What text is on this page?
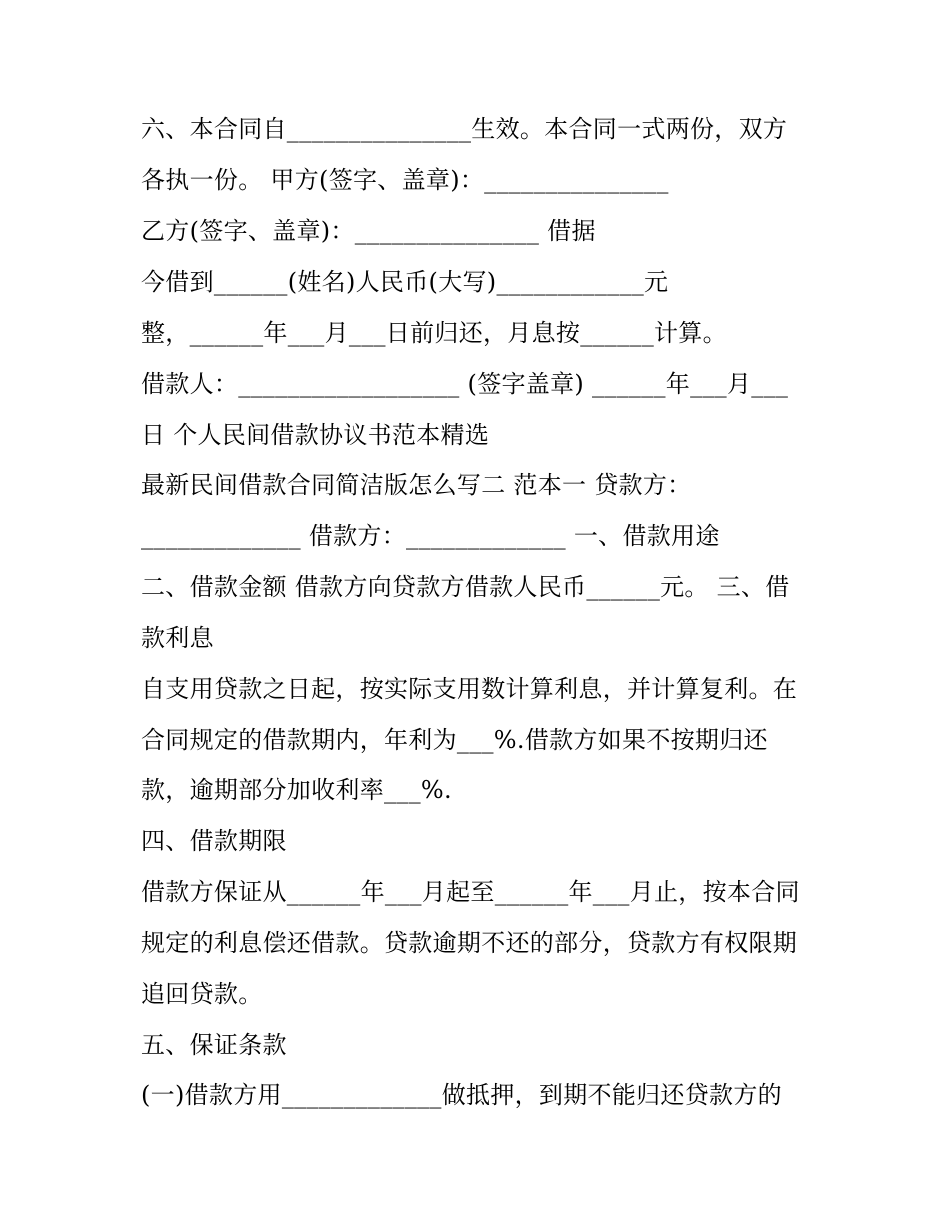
六、本合同自_______________生效。本合同一式两份，双方
各执一份。 甲方(签字、盖章)：_______________
乙方(签字、盖章)：_______________ 借据
今借到______(姓名)人民币(大写)____________元
整，______年___月___日前归还，月息按______计算。
借款人：__________________ (签字盖章) ______年___月___
日 个人民间借款协议书范本精选
最新民间借款合同简洁版怎么写二 范本一 贷款方：
_____________ 借款方：_____________ 一、借款用途
二、借款金额 借款方向贷款方借款人民币______元。 三、借
款利息
自支用贷款之日起，按实际支用数计算利息，并计算复利。在
合同规定的借款期内，年利为___%.借款方如果不按期归还
款，逾期部分加收利率___%.
四、借款期限
借款方保证从______年___月起至______年___月止，按本合同
规定的利息偿还借款。贷款逾期不还的部分，贷款方有权限期
追回贷款。
五、保证条款
(一)借款方用_____________做抵押，到期不能归还贷款方的
